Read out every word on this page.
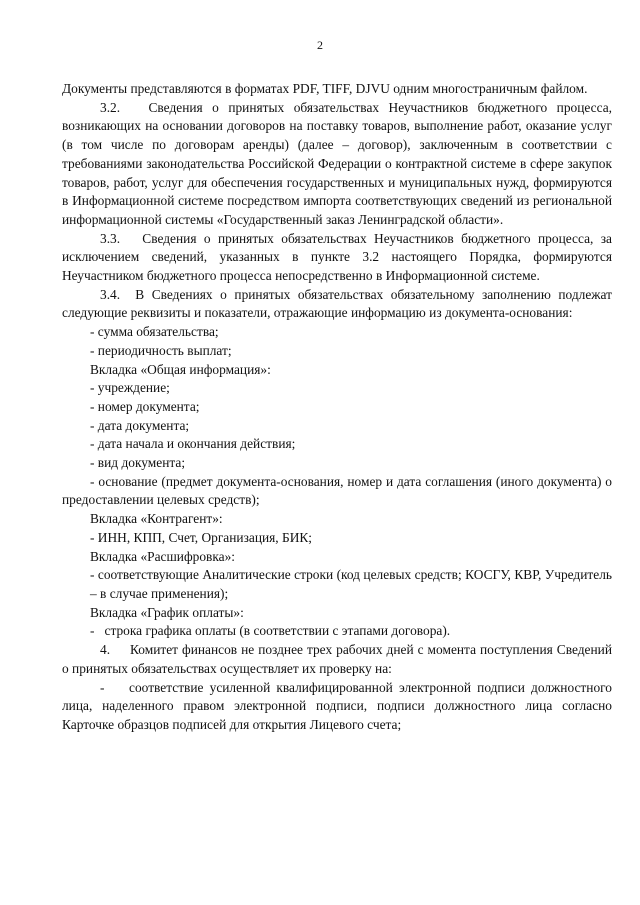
2

Документы представляются в форматах PDF, TIFF, DJVU одним многостраничным файлом.

3.2.   Сведения о принятых обязательствах Неучастников бюджетного процесса, возникающих на основании договоров на поставку товаров, выполнение работ, оказание услуг (в том числе по договорам аренды) (далее – договор), заключенным в соответствии с требованиями законодательства Российской Федерации о контрактной системе в сфере закупок товаров, работ, услуг для обеспечения государственных и муниципальных нужд, формируются в Информационной системе посредством импорта соответствующих сведений из региональной информационной системы «Государственный заказ Ленинградской области».

3.3.   Сведения о принятых обязательствах Неучастников бюджетного процесса, за исключением сведений, указанных в пункте 3.2 настоящего Порядка, формируются Неучастником бюджетного процесса непосредственно в Информационной системе.

3.4.  В Сведениях о принятых обязательствах обязательному заполнению подлежат следующие реквизиты и показатели, отражающие информацию из документа-основания:

- сумма обязательства;

- периодичность выплат;

Вкладка «Общая информация»:

- учреждение;

- номер документа;

- дата документа;

- дата начала и окончания действия;

- вид документа;

- основание (предмет документа-основания, номер и дата соглашения (иного документа) о предоставлении целевых средств);

Вкладка «Контрагент»:

- ИНН, КПП, Счет, Организация, БИК;

Вкладка «Расшифровка»:

- соответствующие Аналитические строки (код целевых средств; КОСГУ, КВР, Учредитель – в случае применения);

Вкладка «График оплаты»:

-   строка графика оплаты (в соответствии с этапами договора).

4.     Комитет финансов не позднее трех рабочих дней с момента поступления Сведений о принятых обязательствах осуществляет их проверку на:

-    соответствие усиленной квалифицированной электронной подписи должностного лица, наделенного правом электронной подписи, подписи должностного лица согласно Карточке образцов подписей для открытия Лицевого счета;
